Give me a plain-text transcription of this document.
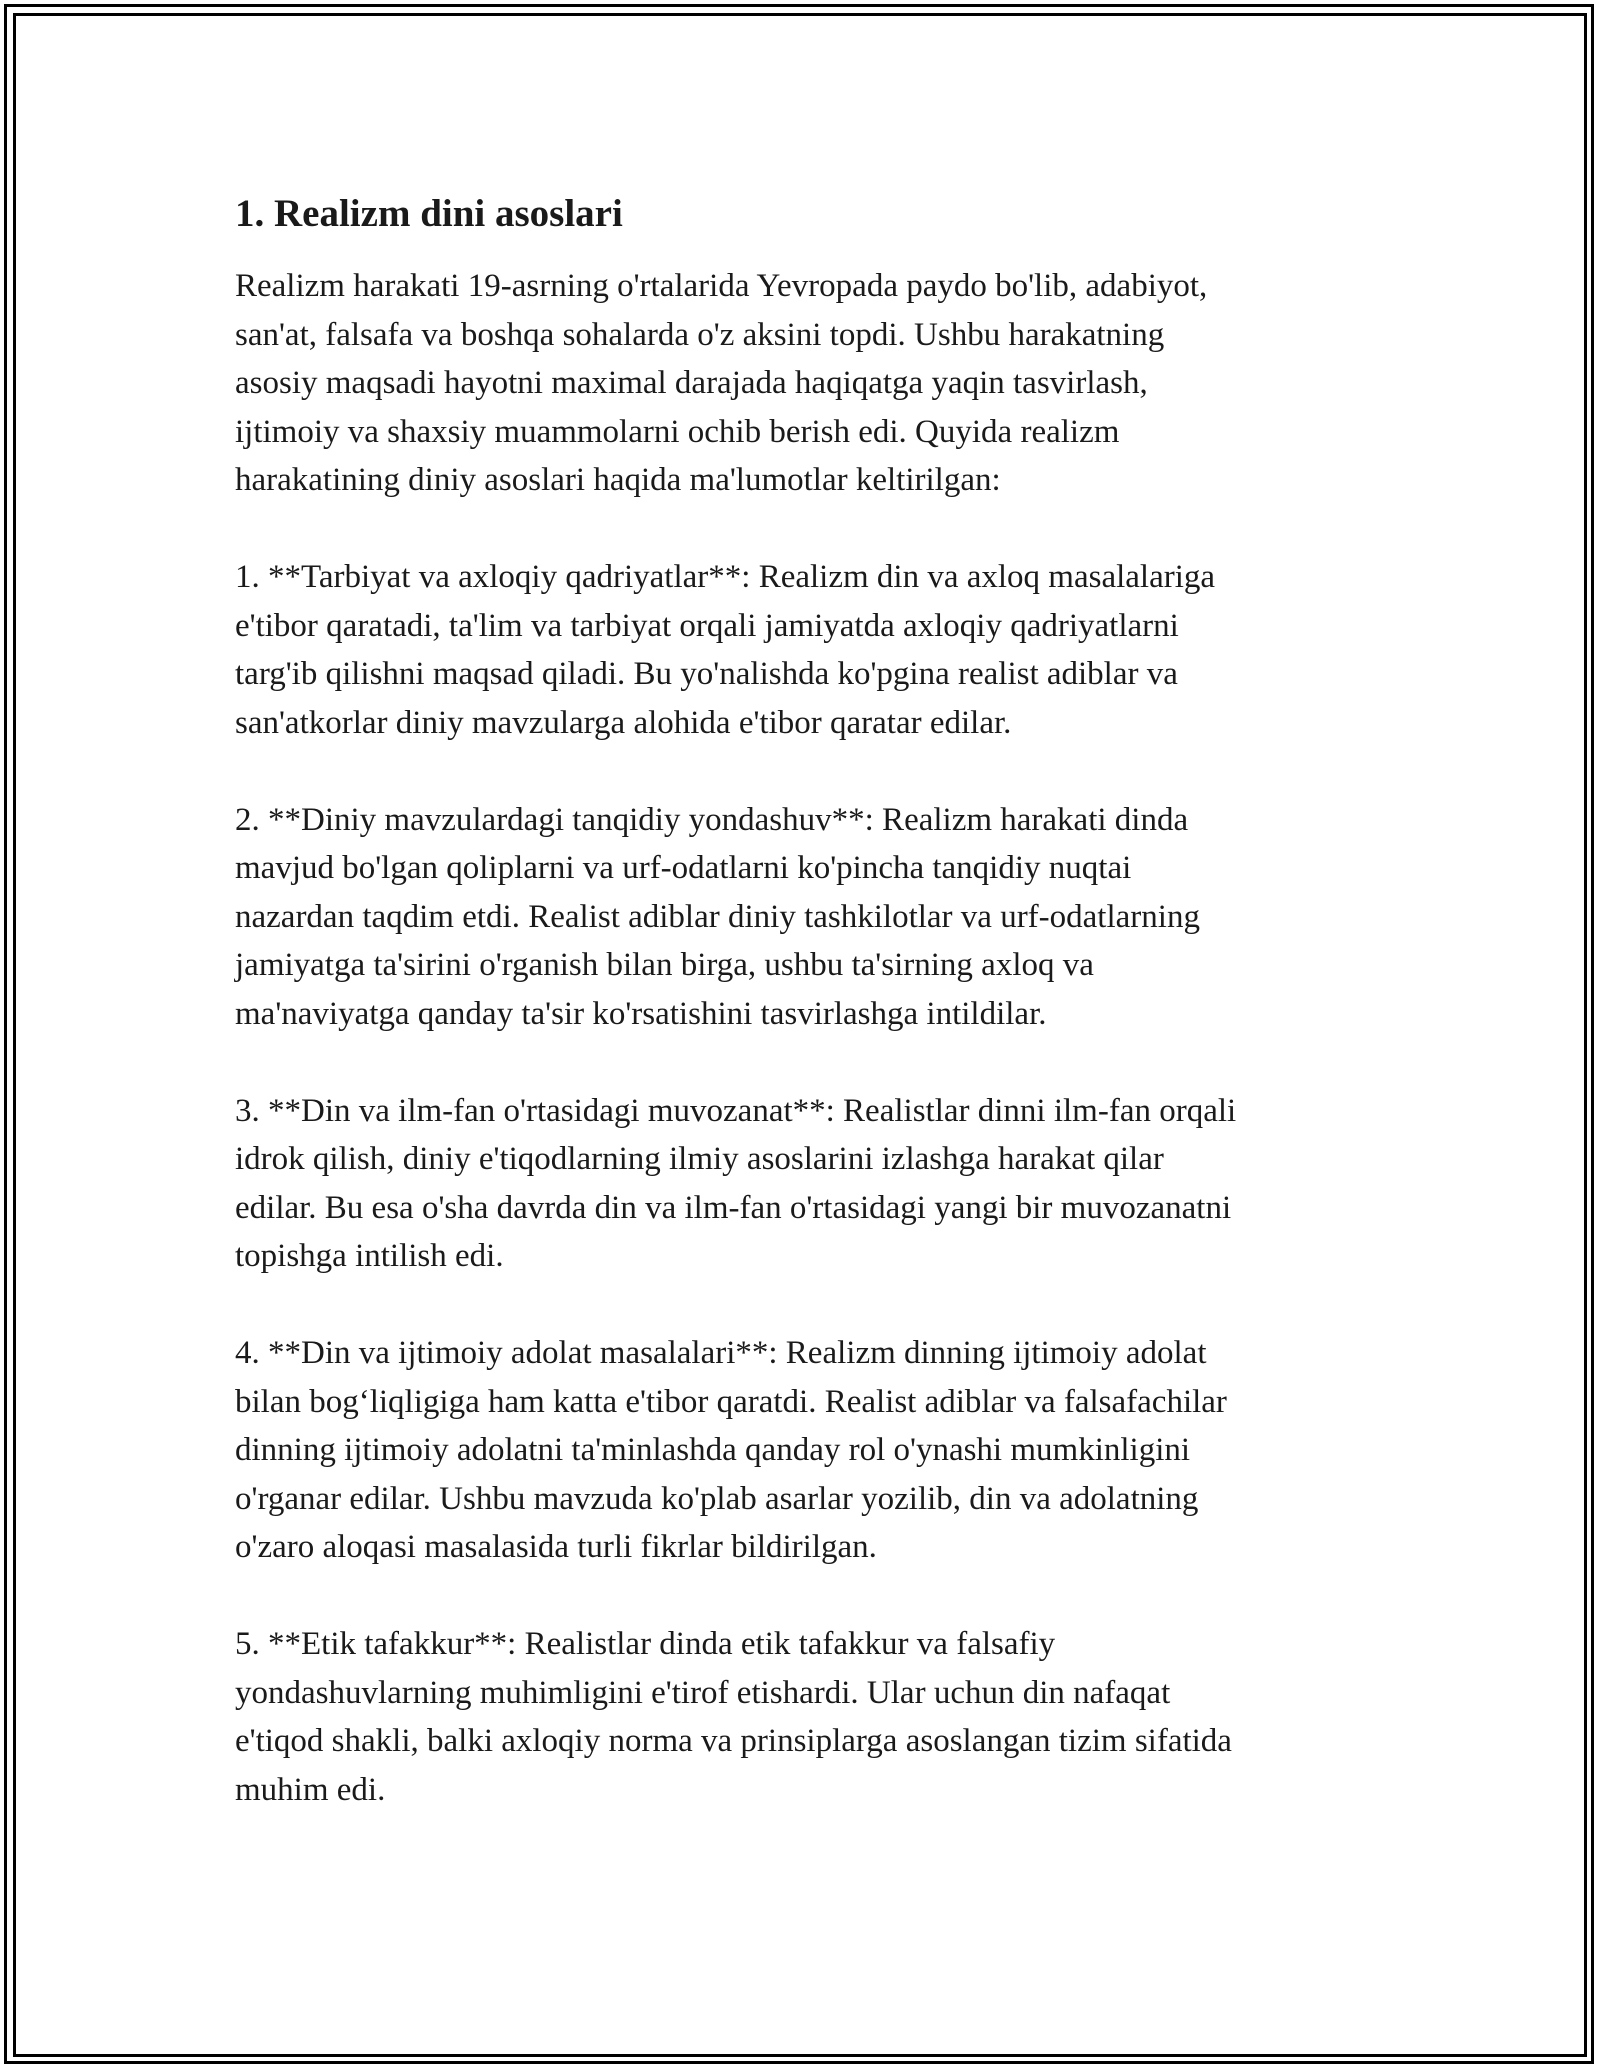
1. Realizm dini asoslari

Realizm harakati 19-asrning o'rtalarida Yevropada paydo bo'lib, adabiyot,
san'at, falsafa va boshqa sohalarda o'z aksini topdi. Ushbu harakatning
asosiy maqsadi hayotni maximal darajada haqiqatga yaqin tasvirlash,
ijtimoiy va shaxsiy muammolarni ochib berish edi. Quyida realizm
harakatining diniy asoslari haqida ma'lumotlar keltirilgan:

1. **Tarbiyat va axloqiy qadriyatlar**: Realizm din va axloq masalalariga
e'tibor qaratadi, ta'lim va tarbiyat orqali jamiyatda axloqiy qadriyatlarni
targ'ib qilishni maqsad qiladi. Bu yo'nalishda ko'pgina realist adiblar va
san'atkorlar diniy mavzularga alohida e'tibor qaratar edilar.

2. **Diniy mavzulardagi tanqidiy yondashuv**: Realizm harakati dinda
mavjud bo'lgan qoliplarni va urf-odatlarni ko'pincha tanqidiy nuqtai
nazardan taqdim etdi. Realist adiblar diniy tashkilotlar va urf-odatlarning
jamiyatga ta'sirini o'rganish bilan birga, ushbu ta'sirning axloq va
ma'naviyatga qanday ta'sir ko'rsatishini tasvirlashga intildilar.

3. **Din va ilm-fan o'rtasidagi muvozanat**: Realistlar dinni ilm-fan orqali
idrok qilish, diniy e'tiqodlarning ilmiy asoslarini izlashga harakat qilar
edilar. Bu esa o'sha davrda din va ilm-fan o'rtasidagi yangi bir muvozanatni
topishga intilish edi.

4. **Din va ijtimoiy adolat masalalari**: Realizm dinning ijtimoiy adolat
bilan bog‘liqligiga ham katta e'tibor qaratdi. Realist adiblar va falsafachilar
dinning ijtimoiy adolatni ta'minlashda qanday rol o'ynashi mumkinligini
o'rganar edilar. Ushbu mavzuda ko'plab asarlar yozilib, din va adolatning
o'zaro aloqasi masalasida turli fikrlar bildirilgan.

5. **Etik tafakkur**: Realistlar dinda etik tafakkur va falsafiy
yondashuvlarning muhimligini e'tirof etishardi. Ular uchun din nafaqat
e'tiqod shakli, balki axloqiy norma va prinsiplarga asoslangan tizim sifatida
muhim edi.
